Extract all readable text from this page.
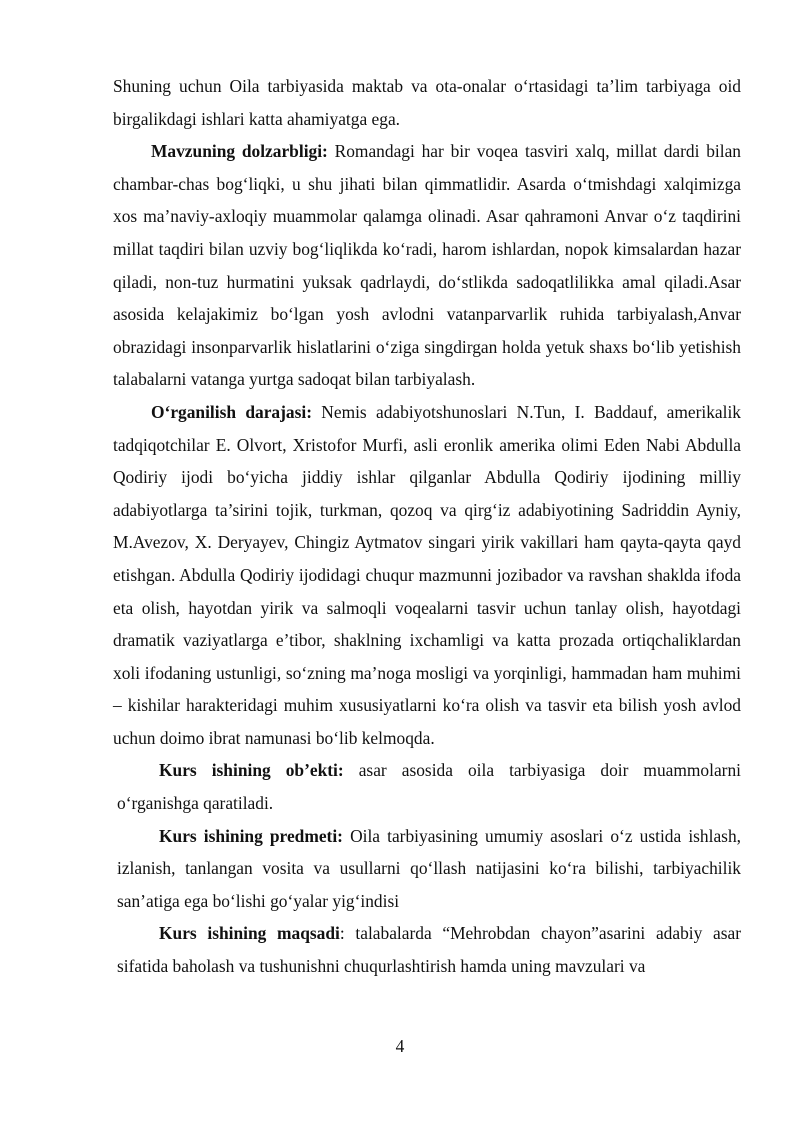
Shuning uchun Oila tarbiyasida maktab va ota-onalar o‘rtasidagi ta’lim tarbiyaga oid birgalikdagi ishlari katta ahamiyatga ega.

Mavzuning dolzarbligi: Romandagi har bir voqea tasviri xalq, millat dardi bilan chambar-chas bog‘liqki, u shu jihati bilan qimmatlidir. Asarda o‘tmishdagi xalqimizga xos ma’naviy-axloqiy muammolar qalamga olinadi. Asar qahramoni Anvar o‘z taqdirini millat taqdiri bilan uzviy bog‘liqlikda ko‘radi, harom ishlardan, nopok kimsalardan hazar qiladi, non-tuz hurmatini yuksak qadrlaydi, do‘stlikda sadoqatlilikka amal qiladi.Asar asosida kelajakimiz bo‘lgan yosh avlodni vatanparvarlik ruhida tarbiyalash,Anvar obrazidagi insonparvarlik hislatlarini o‘ziga singdirgan holda yetuk shaxs bo‘lib yetishish talabalarni vatanga yurtga sadoqat bilan tarbiyalash.

O‘rganilish darajasi: Nemis adabiyotshunoslari N.Tun, I. Baddauf, amerikalik tadqiqotchilar E. Olvort, Xristofor Murfi, asli eronlik amerika olimi Eden Nabi Abdulla Qodiriy ijodi bo‘yicha jiddiy ishlar qilganlar Abdulla Qodiriy ijodining milliy adabiyotlarga ta’sirini tojik, turkman, qozoq va qirg‘iz adabiyotining Sadriddin Ayniy, M.Avezov, X. Deryayev, Chingiz Aytmatov singari yirik vakillari ham qayta-qayta qayd etishgan. Abdulla Qodiriy ijodidagi chuqur mazmunni jozibador va ravshan shaklda ifoda eta olish, hayotdan yirik va salmoqli voqealarni tasvir uchun tanlay olish, hayotdagi dramatik vaziyatlarga e’tibor, shaklning ixchamligi va katta prozada ortiqchaliklardan xoli ifodaning ustunligi, so‘zning ma’noga mosligi va yorqinligi, hammadan ham muhimi – kishilar harakteridagi muhim xususiyatlarni ko‘ra olish va tasvir eta bilish yosh avlod uchun doimo ibrat namunasi bo‘lib kelmoqda.

Kurs ishining ob’ekti: asar asosida oila tarbiyasiga doir muammolarni o‘rganishga qaratiladi.

Kurs ishining predmeti: Oila tarbiyasining umumiy asoslari o‘z ustida ishlash, izlanish, tanlangan vosita va usullarni qo‘llash natijasini ko‘ra bilishi, tarbiyachilik san’atiga ega bo‘lishi go‘yalar yig‘indisi

Kurs ishining maqsadi: talabalarda “Mehrobdan chayon”asarini adabiy asar sifatida baholash va tushunishni chuqurlashtirish hamda uning mavzulari va

4
